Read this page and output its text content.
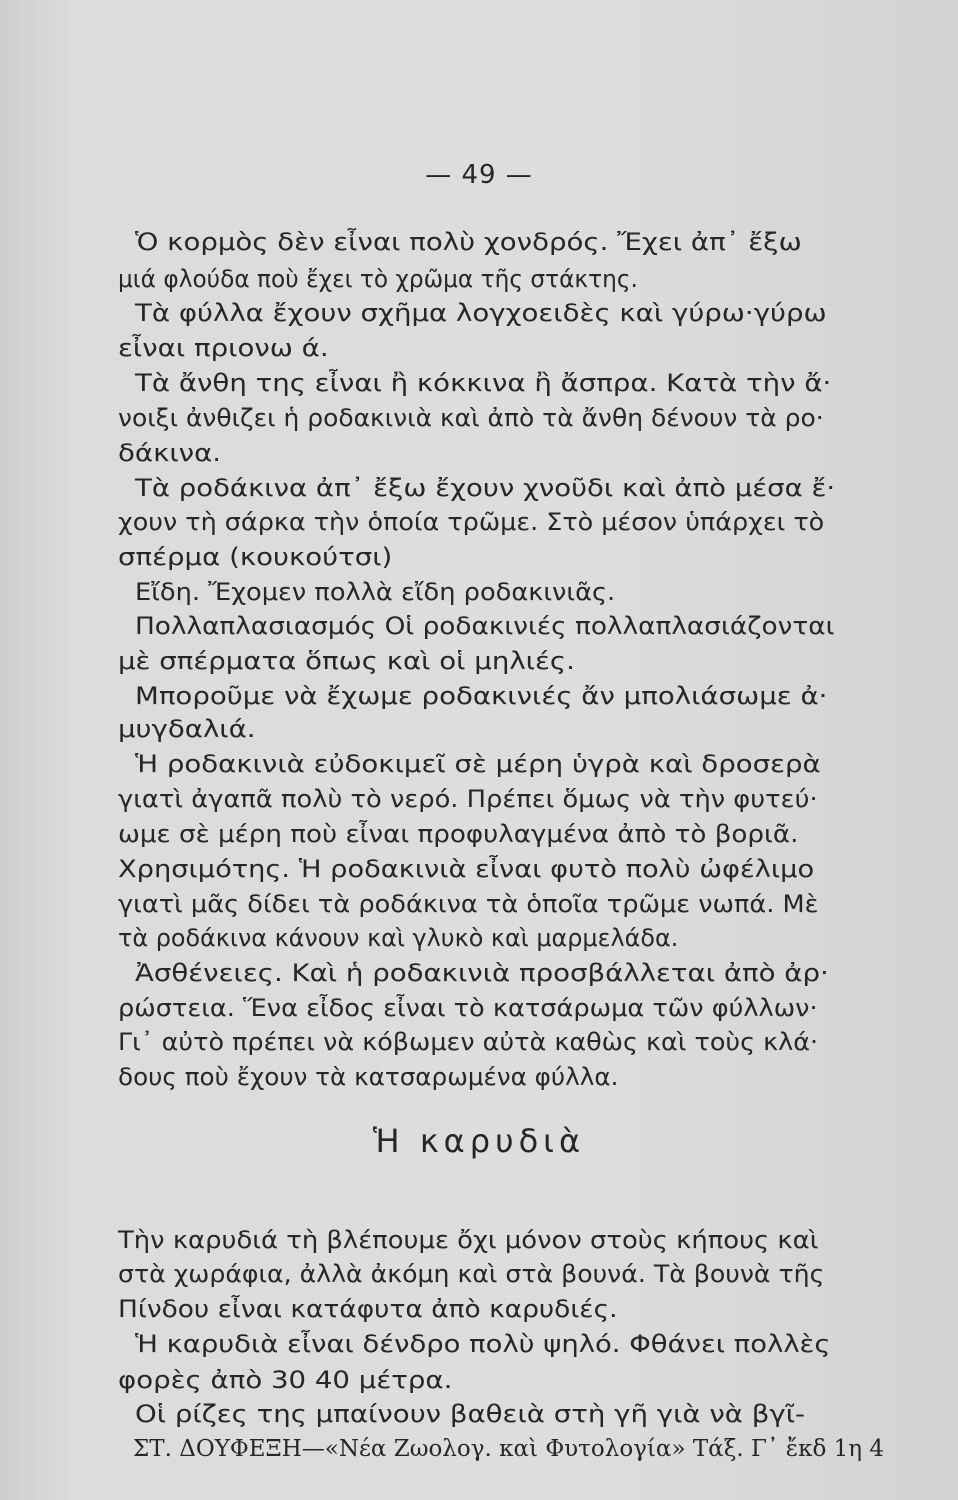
— 49 —
Ὁ κορμὸς δὲν εἶναι πολὺ χονδρός. Ἔχει ἀπ᾿ ἔξω
μιά φλούδα ποὺ ἔχει τὸ χρῶμα τῆς στάκτης.
Τὰ φύλλα ἔχουν σχῆμα λογχοειδὲς καὶ γύρω·γύρω
εἶναι πριονω ά.
Τὰ ἄνθη της εἶναι ἢ κόκκινα ἢ ἄσπρα. Κατὰ τὴν ἄ·
νοιξι ἀνθιζει ἡ ροδακινιὰ καὶ ἀπὸ τὰ ἄνθη δένουν τὰ ρο·
δάκινα.
Τὰ ροδάκινα ἀπ᾿ ἔξω ἔχουν χνοῦδι καὶ ἀπὸ μέσα ἔ·
χουν τὴ σάρκα τὴν ὁποία τρῶμε. Στὸ μέσον ὑπάρχει τὸ
σπέρμα (κουκούτσι)
Εἴδη. Ἔχομεν πολλὰ εἴδη ροδακινιᾶς.
Πολλαπλασιασμός Οἱ ροδακινιές πολλαπλασιάζονται
μὲ σπέρματα ὅπως καὶ οἱ μηλιές.
Μποροῦμε νὰ ἔχωμε ροδακινιές ἄν μπολιάσωμε ἀ·
μυγδαλιά.
Ἡ ροδακινιὰ εὐδοκιμεῖ σὲ μέρη ὑγρὰ καὶ δροσερὰ
γιατὶ ἀγαπᾶ πολὺ τὸ νερό. Πρέπει ὅμως νὰ τὴν φυτεύ·
ωμε σὲ μέρη ποὺ εἶναι προφυλαγμένα ἀπὸ τὸ βοριᾶ.
Χρησιμότης. Ἡ ροδακινιὰ εἶναι φυτὸ πολὺ ὠφέλιμο
γιατὶ μᾶς δίδει τὰ ροδάκινα τὰ ὁποῖα τρῶμε νωπά. Μὲ
τὰ ροδάκινα κάνουν καὶ γλυκὸ καὶ μαρμελάδα.
Ἀσθένειες. Καὶ ἡ ροδακινιὰ προσβάλλεται ἀπὸ ἀρ·
ρώστεια. Ἕνα εἶδος εἶναι τὸ κατσάρωμα τῶν φύλλων·
Γι᾿ αὐτὸ πρέπει νὰ κόβωμεν αὐτὰ καθὼς καὶ τοὺς κλά·
δους ποὺ ἔχουν τὰ κατσαρωμένα φύλλα.
Τὴν καρυδιά τὴ βλέπουμε ὄχι μόνον στοὺς κήπους καὶ
στὰ χωράφια, ἀλλὰ ἀκόμη καὶ στὰ βουνά. Τὰ βουνὰ τῆς
Πίνδου εἶναι κατάφυτα ἀπὸ καρυδιές.
Ἡ καρυδιὰ εἶναι δένδρο πολὺ ψηλό. Φθάνει πολλὲς
φορὲς ἀπὸ 30 40 μέτρα.
Οἱ ρίζες της μπαίνουν βαθειὰ στὴ γῆ γιὰ νὰ βγῖ-
Ἡ καρυδιὰ
ΣΤ. ΔΟΥΦΕΞΗ—«Νέα Ζωολογ. καὶ Φυτολογία» Τάξ. Γ᾿ ἔκδ 1η 4
